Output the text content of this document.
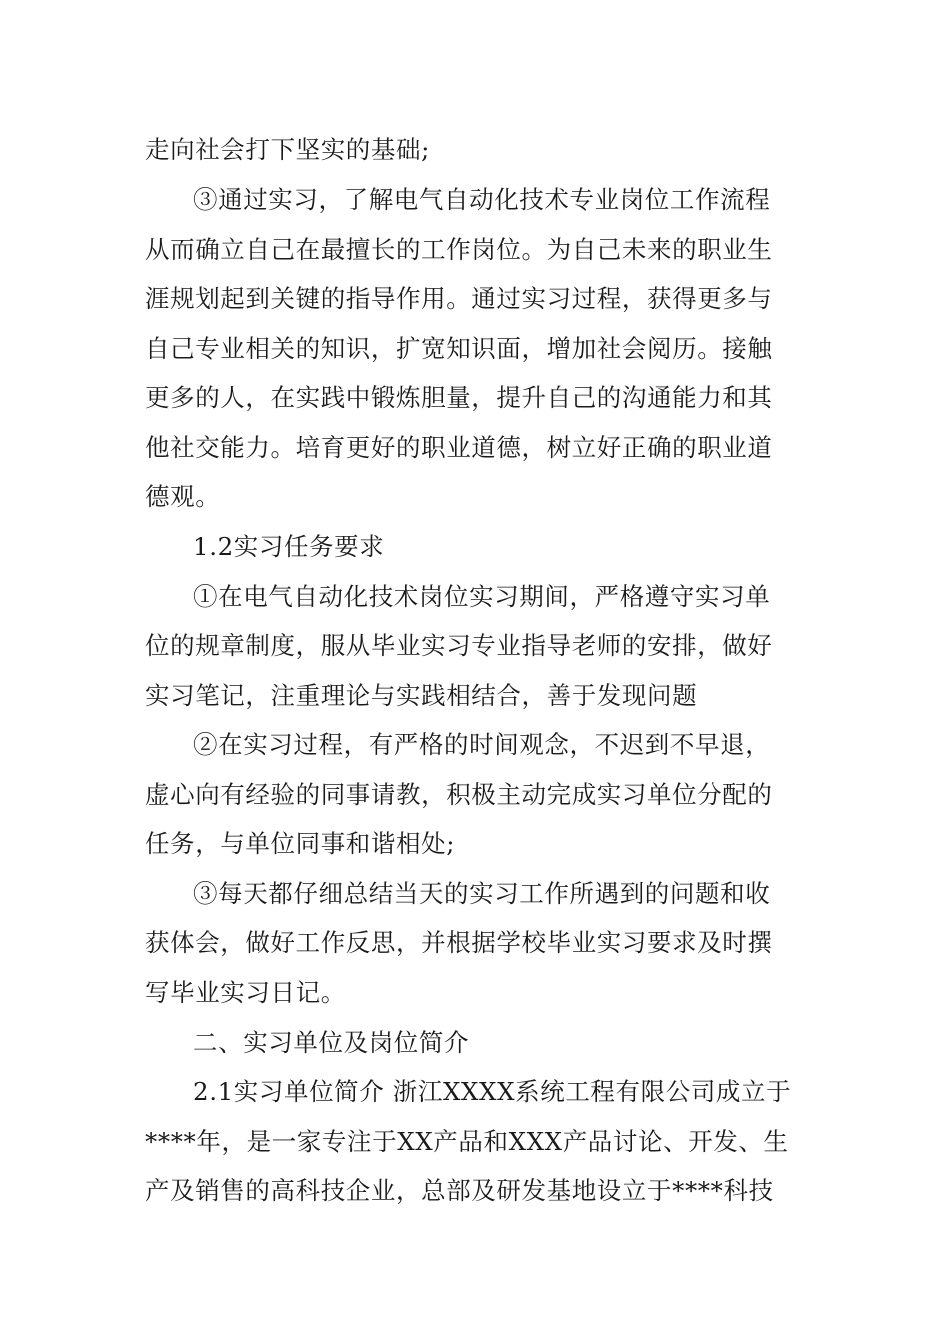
走向社会打下坚实的基础;
③通过实习，了解电气自动化技术专业岗位工作流程
从而确立自己在最擅长的工作岗位。为自己未来的职业生
涯规划起到关键的指导作用。通过实习过程，获得更多与
自己专业相关的知识，扩宽知识面，增加社会阅历。接触
更多的人，在实践中锻炼胆量，提升自己的沟通能力和其
他社交能力。培育更好的职业道德，树立好正确的职业道
德观。
1.2实习任务要求
①在电气自动化技术岗位实习期间，严格遵守实习单
位的规章制度，服从毕业实习专业指导老师的安排，做好
实习笔记，注重理论与实践相结合，善于发现问题
②在实习过程，有严格的时间观念，不迟到不早退，
虚心向有经验的同事请教，积极主动完成实习单位分配的
任务，与单位同事和谐相处;
③每天都仔细总结当天的实习工作所遇到的问题和收
获体会，做好工作反思，并根据学校毕业实习要求及时撰
写毕业实习日记。
二、实习单位及岗位简介
2.1实习单位简介 浙江XXXX系统工程有限公司成立于
****年，是一家专注于XX产品和XXX产品讨论、开发、生
产及销售的高科技企业，总部及研发基地设立于****科技
